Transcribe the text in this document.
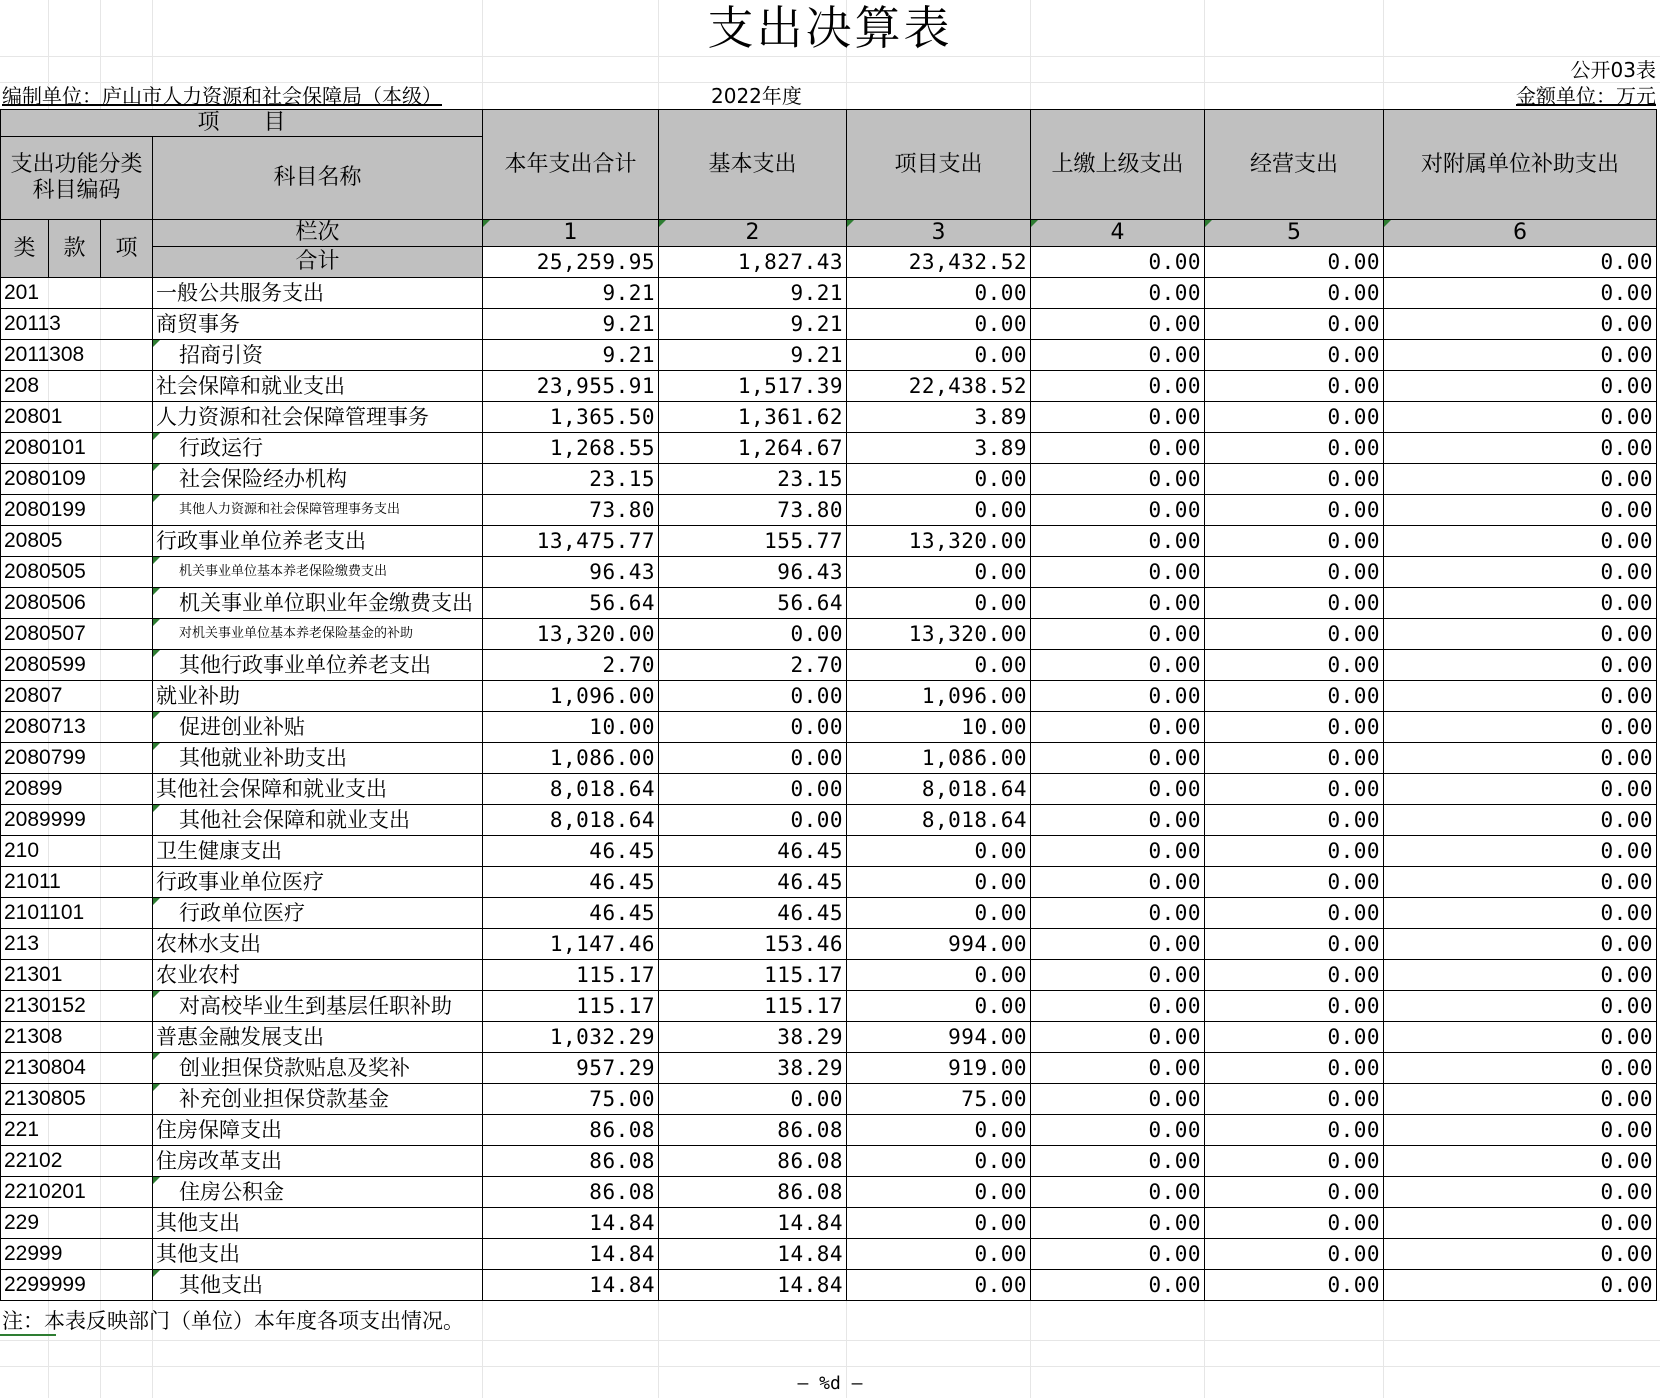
支出决算表
公开03表
编制单位：庐山市人力资源和社会保障局（本级）	2022年度	金额单位：万元
项　　目				本年支出合计	基本支出	项目支出	上缴上级支出	经营支出	对附属单位补助支出
支出功能分类科目编码			科目名称						
类	款	项	栏次	1	2	3	4	5	6
			合计	25,259.95	1,827.43	23,432.52	0.00	0.00	0.00
201			一般公共服务支出	9.21	9.21	0.00	0.00	0.00	0.00
20113			商贸事务	9.21	9.21	0.00	0.00	0.00	0.00
2011308			招商引资	9.21	9.21	0.00	0.00	0.00	0.00
208			社会保障和就业支出	23,955.91	1,517.39	22,438.52	0.00	0.00	0.00
20801			人力资源和社会保障管理事务	1,365.50	1,361.62	3.89	0.00	0.00	0.00
2080101			行政运行	1,268.55	1,264.67	3.89	0.00	0.00	0.00
2080109			社会保险经办机构	23.15	23.15	0.00	0.00	0.00	0.00
2080199			其他人力资源和社会保障管理事务支出	73.80	73.80	0.00	0.00	0.00	0.00
20805			行政事业单位养老支出	13,475.77	155.77	13,320.00	0.00	0.00	0.00
2080505			机关事业单位基本养老保险缴费支出	96.43	96.43	0.00	0.00	0.00	0.00
2080506			机关事业单位职业年金缴费支出	56.64	56.64	0.00	0.00	0.00	0.00
2080507			对机关事业单位基本养老保险基金的补助	13,320.00	0.00	13,320.00	0.00	0.00	0.00
2080599			其他行政事业单位养老支出	2.70	2.70	0.00	0.00	0.00	0.00
20807			就业补助	1,096.00	0.00	1,096.00	0.00	0.00	0.00
2080713			促进创业补贴	10.00	0.00	10.00	0.00	0.00	0.00
2080799			其他就业补助支出	1,086.00	0.00	1,086.00	0.00	0.00	0.00
20899			其他社会保障和就业支出	8,018.64	0.00	8,018.64	0.00	0.00	0.00
2089999			其他社会保障和就业支出	8,018.64	0.00	8,018.64	0.00	0.00	0.00
210			卫生健康支出	46.45	46.45	0.00	0.00	0.00	0.00
21011			行政事业单位医疗	46.45	46.45	0.00	0.00	0.00	0.00
2101101			行政单位医疗	46.45	46.45	0.00	0.00	0.00	0.00
213			农林水支出	1,147.46	153.46	994.00	0.00	0.00	0.00
21301			农业农村	115.17	115.17	0.00	0.00	0.00	0.00
2130152			对高校毕业生到基层任职补助	115.17	115.17	0.00	0.00	0.00	0.00
21308			普惠金融发展支出	1,032.29	38.29	994.00	0.00	0.00	0.00
2130804			创业担保贷款贴息及奖补	957.29	38.29	919.00	0.00	0.00	0.00
2130805			补充创业担保贷款基金	75.00	0.00	75.00	0.00	0.00	0.00
221			住房保障支出	86.08	86.08	0.00	0.00	0.00	0.00
22102			住房改革支出	86.08	86.08	0.00	0.00	0.00	0.00
2210201			住房公积金	86.08	86.08	0.00	0.00	0.00	0.00
229			其他支出	14.84	14.84	0.00	0.00	0.00	0.00
22999			其他支出	14.84	14.84	0.00	0.00	0.00	0.00
2299999			其他支出	14.84	14.84	0.00	0.00	0.00	0.00
注：本表反映部门（单位）本年度各项支出情况。
— %d —
